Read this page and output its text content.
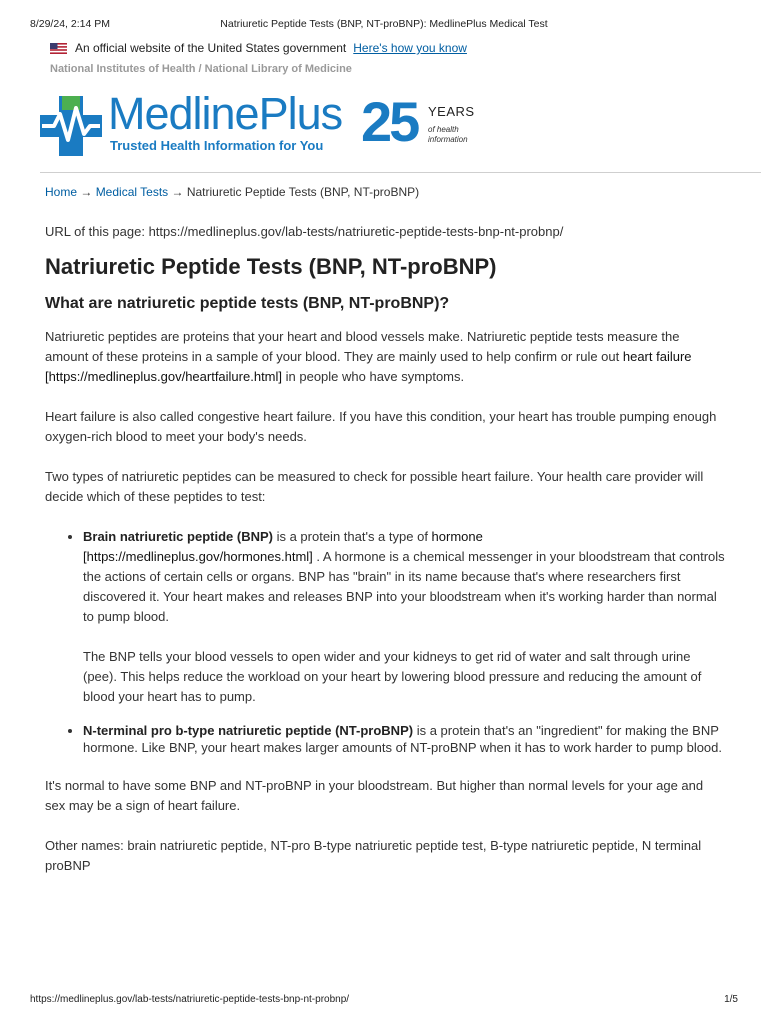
8/29/24, 2:14 PM	Natriuretic Peptide Tests (BNP, NT-proBNP): MedlinePlus Medical Test
An official website of the United States government Here's how you know
National Institutes of Health / National Library of Medicine
MedlinePlus
Trusted Health Information for You 25 YEARS
of health information
Home → Medical Tests → Natriuretic Peptide Tests (BNP, NT-proBNP)
URL of this page: https://medlineplus.gov/lab-tests/natriuretic-peptide-tests-bnp-nt-probnp/
Natriuretic Peptide Tests (BNP, NT-proBNP)
What are natriuretic peptide tests (BNP, NT-proBNP)?

Natriuretic peptides are proteins that your heart and blood vessels make. Natriuretic peptide tests measure the amount of these proteins in a sample of your blood. They are mainly used to help confirm or rule out heart failure
[https://medlineplus.gov/heartfailure.html] in people who have symptoms.

Heart failure is also called congestive heart failure. If you have this condition, your heart has trouble pumping enough oxygen-rich blood to meet your body's needs.

Two types of natriuretic peptides can be measured to check for possible heart failure. Your health care provider will decide which of these peptides to test:

• Brain natriuretic peptide (BNP) is a protein that's a type of hormone
[https://medlineplus.gov/hormones.html] . A hormone is a chemical messenger in your bloodstream that controls the actions of certain cells or organs. BNP has "brain" in its name because that's where researchers first discovered it. Your heart makes and releases BNP into your bloodstream when it's working harder than normal to pump blood.

The BNP tells your blood vessels to open wider and your kidneys to get rid of water and salt through urine (pee). This helps reduce the workload on your heart by lowering blood pressure and reducing the amount of blood your heart has to pump.

• N-terminal pro b-type natriuretic peptide (NT-proBNP) is a protein that's an "ingredient" for making the BNP hormone. Like BNP, your heart makes larger amounts of NT-proBNP when it has to work harder to pump blood.

It's normal to have some BNP and NT-proBNP in your bloodstream. But higher than normal levels for your age and sex may be a sign of heart failure.

Other names: brain natriuretic peptide, NT-pro B-type natriuretic peptide test, B-type natriuretic peptide, N terminal proBNP

https://medlineplus.gov/lab-tests/natriuretic-peptide-tests-bnp-nt-probnp/	1/5
